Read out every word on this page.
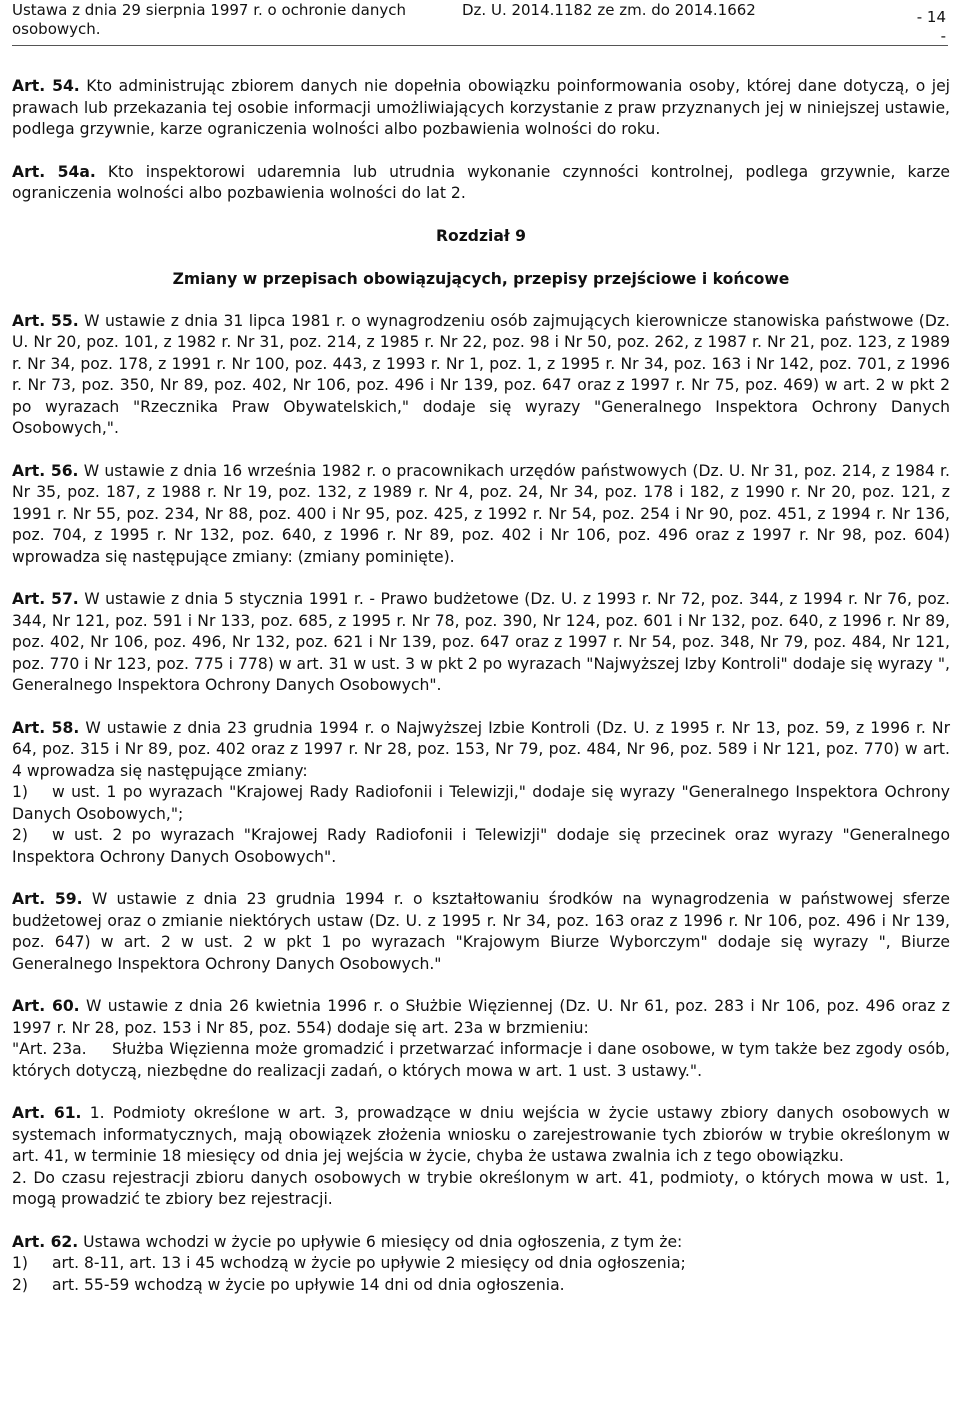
Ustawa z dnia 29 sierpnia 1997 r. o ochronie danych osobowych.
Dz. U. 2014.1182 ze zm. do 2014.1662	- 14 -

Art. 54. Kto administrując zbiorem danych nie dopełnia obowiązku poinformowania osoby, której dane dotyczą, o jej prawach lub przekazania tej osobie informacji umożliwiających korzystanie z praw przyznanych jej w niniejszej ustawie, podlega grzywnie, karze ograniczenia wolności albo pozbawienia wolności do roku.

Art. 54a. Kto inspektorowi udaremnia lub utrudnia wykonanie czynności kontrolnej, podlega grzywnie, karze ograniczenia wolności albo pozbawienia wolności do lat 2.

Rozdział 9
Zmiany w przepisach obowiązujących, przepisy przejściowe i końcowe

Art. 55. W ustawie z dnia 31 lipca 1981 r. o wynagrodzeniu osób zajmujących kierownicze stanowiska państwowe (Dz. U. Nr 20, poz. 101, z 1982 r. Nr 31, poz. 214, z 1985 r. Nr 22, poz. 98 i Nr 50, poz. 262, z 1987 r. Nr 21, poz. 123, z 1989 r. Nr 34, poz. 178, z 1991 r. Nr 100, poz. 443, z 1993 r. Nr 1, poz. 1, z 1995 r. Nr 34, poz. 163 i Nr 142, poz. 701, z 1996 r. Nr 73, poz. 350, Nr 89, poz. 402, Nr 106, poz. 496 i Nr 139, poz. 647 oraz z 1997 r. Nr 75, poz. 469) w art. 2 w pkt 2 po wyrazach "Rzecznika Praw Obywatelskich," dodaje się wyrazy "Generalnego Inspektora Ochrony Danych Osobowych,".

Art. 56. W ustawie z dnia 16 września 1982 r. o pracownikach urzędów państwowych (Dz. U. Nr 31, poz. 214, z 1984 r. Nr 35, poz. 187, z 1988 r. Nr 19, poz. 132, z 1989 r. Nr 4, poz. 24, Nr 34, poz. 178 i 182, z 1990 r. Nr 20, poz. 121, z 1991 r. Nr 55, poz. 234, Nr 88, poz. 400 i Nr 95, poz. 425, z 1992 r. Nr 54, poz. 254 i Nr 90, poz. 451, z 1994 r. Nr 136, poz. 704, z 1995 r. Nr 132, poz. 640, z 1996 r. Nr 89, poz. 402 i Nr 106, poz. 496 oraz z 1997 r. Nr 98, poz. 604) wprowadza się następujące zmiany: (zmiany pominięte).

Art. 57. W ustawie z dnia 5 stycznia 1991 r. - Prawo budżetowe (Dz. U. z 1993 r. Nr 72, poz. 344, z 1994 r. Nr 76, poz. 344, Nr 121, poz. 591 i Nr 133, poz. 685, z 1995 r. Nr 78, poz. 390, Nr 124, poz. 601 i Nr 132, poz. 640, z 1996 r. Nr 89, poz. 402, Nr 106, poz. 496, Nr 132, poz. 621 i Nr 139, poz. 647 oraz z 1997 r. Nr 54, poz. 348, Nr 79, poz. 484, Nr 121, poz. 770 i Nr 123, poz. 775 i 778) w art. 31 w ust. 3 w pkt 2 po wyrazach "Najwyższej Izby Kontroli" dodaje się wyrazy ", Generalnego Inspektora Ochrony Danych Osobowych".

Art. 58. W ustawie z dnia 23 grudnia 1994 r. o Najwyższej Izbie Kontroli (Dz. U. z 1995 r. Nr 13, poz. 59, z 1996 r. Nr 64, poz. 315 i Nr 89, poz. 402 oraz z 1997 r. Nr 28, poz. 153, Nr 79, poz. 484, Nr 96, poz. 589 i Nr 121, poz. 770) w art. 4 wprowadza się następujące zmiany:
1) w ust. 1 po wyrazach "Krajowej Rady Radiofonii i Telewizji," dodaje się wyrazy "Generalnego Inspektora Ochrony Danych Osobowych,";
2) w ust. 2 po wyrazach "Krajowej Rady Radiofonii i Telewizji" dodaje się przecinek oraz wyrazy "Generalnego Inspektora Ochrony Danych Osobowych".

Art. 59. W ustawie z dnia 23 grudnia 1994 r. o kształtowaniu środków na wynagrodzenia w państwowej sferze budżetowej oraz o zmianie niektórych ustaw (Dz. U. z 1995 r. Nr 34, poz. 163 oraz z 1996 r. Nr 106, poz. 496 i Nr 139, poz. 647) w art. 2 w ust. 2 w pkt 1 po wyrazach "Krajowym Biurze Wyborczym" dodaje się wyrazy ", Biurze Generalnego Inspektora Ochrony Danych Osobowych."

Art. 60. W ustawie z dnia 26 kwietnia 1996 r. o Służbie Więziennej (Dz. U. Nr 61, poz. 283 i Nr 106, poz. 496 oraz z 1997 r. Nr 28, poz. 153 i Nr 85, poz. 554) dodaje się art. 23a w brzmieniu:
"Art. 23a. Służba Więzienna może gromadzić i przetwarzać informacje i dane osobowe, w tym także bez zgody osób, których dotyczą, niezbędne do realizacji zadań, o których mowa w art. 1 ust. 3 ustawy.".

Art. 61. 1. Podmioty określone w art. 3, prowadzące w dniu wejścia w życie ustawy zbiory danych osobowych w systemach informatycznych, mają obowiązek złożenia wniosku o zarejestrowanie tych zbiorów w trybie określonym w art. 41, w terminie 18 miesięcy od dnia jej wejścia w życie, chyba że ustawa zwalnia ich z tego obowiązku.
2. Do czasu rejestracji zbioru danych osobowych w trybie określonym w art. 41, podmioty, o których mowa w ust. 1, mogą prowadzić te zbiory bez rejestracji.

Art. 62. Ustawa wchodzi w życie po upływie 6 miesięcy od dnia ogłoszenia, z tym że:
1) art. 8-11, art. 13 i 45 wchodzą w życie po upływie 2 miesięcy od dnia ogłoszenia;
2) art. 55-59 wchodzą w życie po upływie 14 dni od dnia ogłoszenia.
